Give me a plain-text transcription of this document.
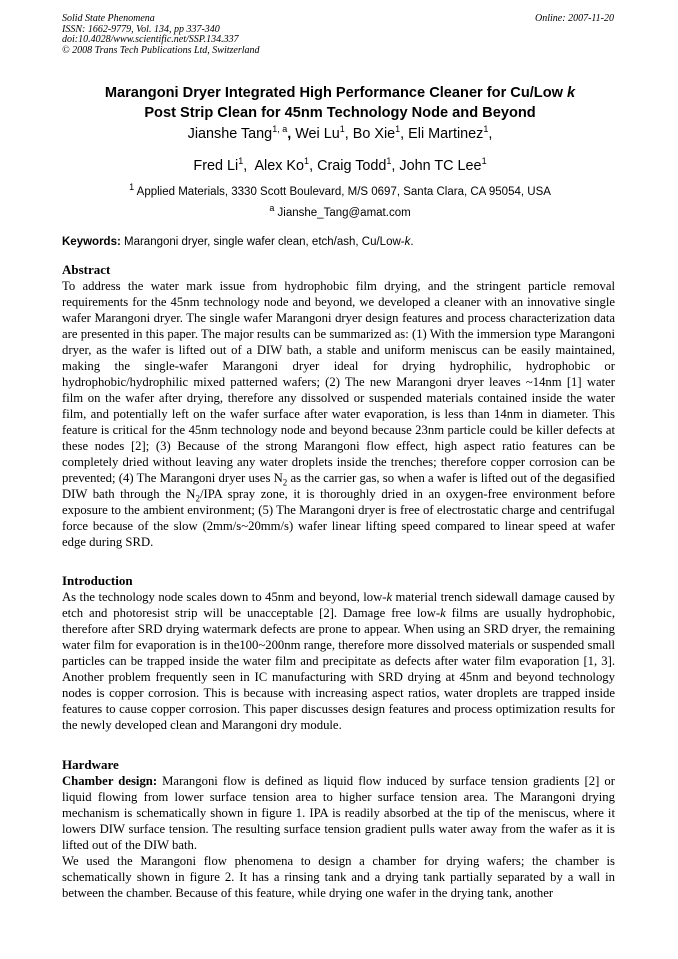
Solid State Phenomena
ISSN: 1662-9779, Vol. 134, pp 337-340
doi:10.4028/www.scientific.net/SSP.134.337
© 2008 Trans Tech Publications Ltd, Switzerland
Online: 2007-11-20
Marangoni Dryer Integrated High Performance Cleaner for Cu/Low k
Post Strip Clean for 45nm Technology Node and Beyond
Jianshe Tang$^{1, a}$, Wei Lu$^1$, Bo Xie$^1$, Eli Martinez$^1$,
Fred Li$^1$,  Alex Ko$^1$, Craig Todd$^1$, John TC Lee$^1$
$^1$ Applied Materials, 3330 Scott Boulevard, M/S 0697, Santa Clara, CA 95054, USA
$^a$ Jianshe_Tang@amat.com
Keywords: Marangoni dryer, single wafer clean, etch/ash, Cu/Low-k.
Abstract

To address the water mark issue from hydrophobic film drying, and the stringent particle removal requirements for the 45nm technology node and beyond, we developed a cleaner with an innovative single wafer Marangoni dryer. The single wafer Marangoni dryer design features and process characterization data are presented in this paper. The major results can be summarized as: (1) With the immersion type Marangoni dryer, as the wafer is lifted out of a DIW bath, a stable and uniform meniscus can be easily maintained, making the single-wafer Marangoni dryer ideal for drying hydrophilic, hydrophobic or hydrophobic/hydrophilic mixed patterned wafers; (2) The new Marangoni dryer leaves ~14nm [1] water film on the wafer after drying, therefore any dissolved or suspended materials contained inside the water film, and potentially left on the wafer surface after water evaporation, is less than 14nm in diameter. This feature is critical for the 45nm technology node and beyond because 23nm particle could be killer defects at these nodes [2]; (3) Because of the strong Marangoni flow effect, high aspect ratio features can be completely dried without leaving any water droplets inside the trenches; therefore copper corrosion can be prevented; (4) The Marangoni dryer uses $N_2$ as the carrier gas, so when a wafer is lifted out of the degasified DIW bath through the $N_2$/IPA spray zone, it is thoroughly dried in an oxygen-free environment before exposure to the ambient environment; (5) The Marangoni dryer is free of electrostatic charge and centrifugal force because of the slow (2mm/s~20mm/s) wafer linear lifting speed compared to linear speed at wafer edge during SRD.

Introduction

As the technology node scales down to 45nm and beyond, low-k material trench sidewall damage caused by etch and photoresist strip will be unacceptable [2]. Damage free low-k films are usually hydrophobic, therefore after SRD drying watermark defects are prone to appear. When using an SRD dryer, the remaining water film for evaporation is in the100~200nm range, therefore more dissolved materials or suspended small particles can be trapped inside the water film and precipitate as defects after water film evaporation [1, 3]. Another problem frequently seen in IC manufacturing with SRD drying at 45nm and beyond technology nodes is copper corrosion. This is because with increasing aspect ratios, water droplets are trapped inside features to cause copper corrosion. This paper discusses design features and process optimization results for the newly developed clean and Marangoni dry module.

Hardware

Chamber design: Marangoni flow is defined as liquid flow induced by surface tension gradients [2] or liquid flowing from lower surface tension area to higher surface tension area. The Marangoni drying mechanism is schematically shown in figure 1. IPA is readily absorbed at the tip of the meniscus, where it lowers DIW surface tension. The resulting surface tension gradient pulls water away from the wafer as it is lifted out of the DIW bath.

We used the Marangoni flow phenomena to design a chamber for drying wafers; the chamber is schematically shown in figure 2. It has a rinsing tank and a drying tank partially separated by a wall in between the chamber. Because of this feature, while drying one wafer in the drying tank, another
